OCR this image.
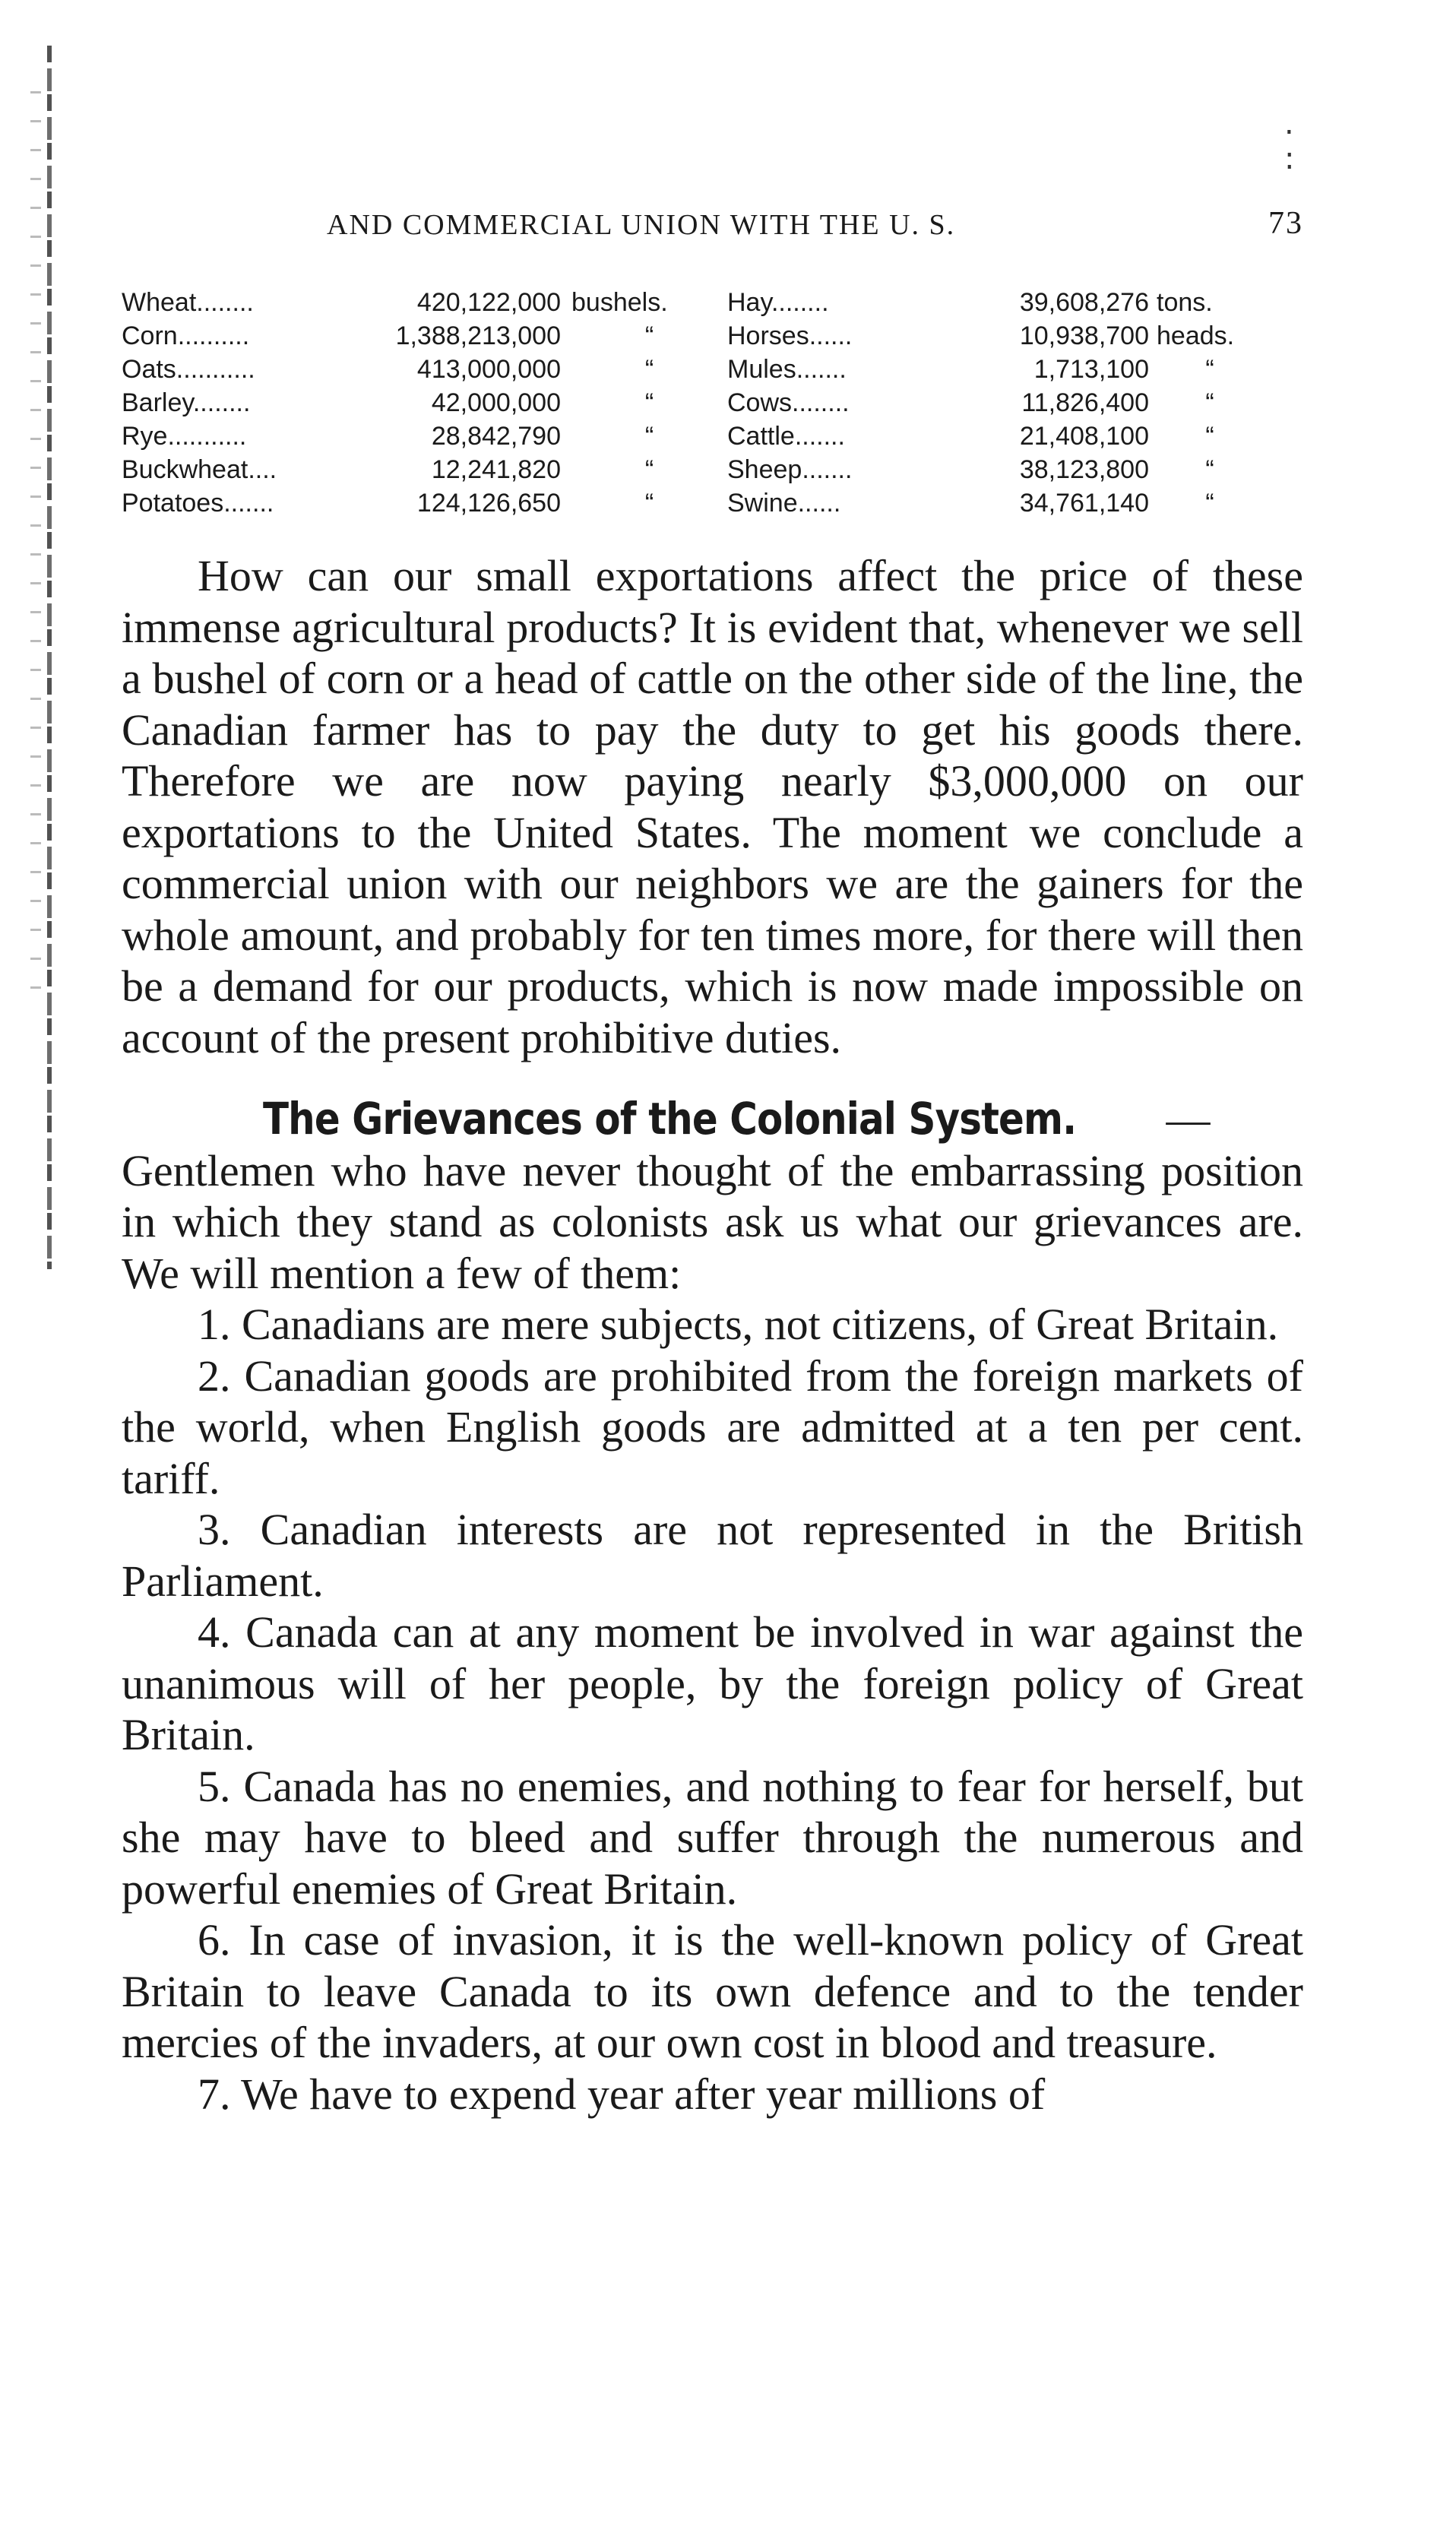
. :
AND COMMERCIAL UNION WITH THE U. S.	73
Wheat........	420,122,000	bushels.	Hay........	39,608,276	tons.
Corn..........	1,388,213,000	“	Horses......	10,938,700	heads.
Oats...........	413,000,000	“	Mules.......	1,713,100	“
Barley........	42,000,000	“	Cows........	11,826,400	“
Rye...........	28,842,790	“	Cattle.......	21,408,100	“
Buckwheat....	12,241,820	“	Sheep.......	38,123,800	“
Potatoes.......	124,126,650	“	Swine......	34,761,140	“

How can our small exportations affect the price of these immense agricultural products? It is evident that, whenever we sell a bushel of corn or a head of cattle on the other side of the line, the Canadian farmer has to pay the duty to get his goods there. Therefore we are now paying nearly $3,000,000 on our exportations to the United States. The moment we conclude a commercial union with our neighbors we are the gainers for the whole amount, and probably for ten times more, for there will then be a demand for our products, which is now made impossible on account of the present prohibitive duties.

The Grievances of the Colonial System. —Gentlemen who have never thought of the embarrassing position in which they stand as colonists ask us what our grievances are. We will mention a few of them:

1. Canadians are mere subjects, not citizens, of Great Britain.

2. Canadian goods are prohibited from the foreign markets of the world, when English goods are admitted at a ten per cent. tariff.

3. Canadian interests are not represented in the British Parliament.

4. Canada can at any moment be involved in war against the unanimous will of her people, by the foreign policy of Great Britain.

5. Canada has no enemies, and nothing to fear for herself, but she may have to bleed and suffer through the numerous and powerful enemies of Great Britain.

6. In case of invasion, it is the well-known policy of Great Britain to leave Canada to its own defence and to the tender mercies of the invaders, at our own cost in blood and treasure.

7. We have to expend year after year millions of
